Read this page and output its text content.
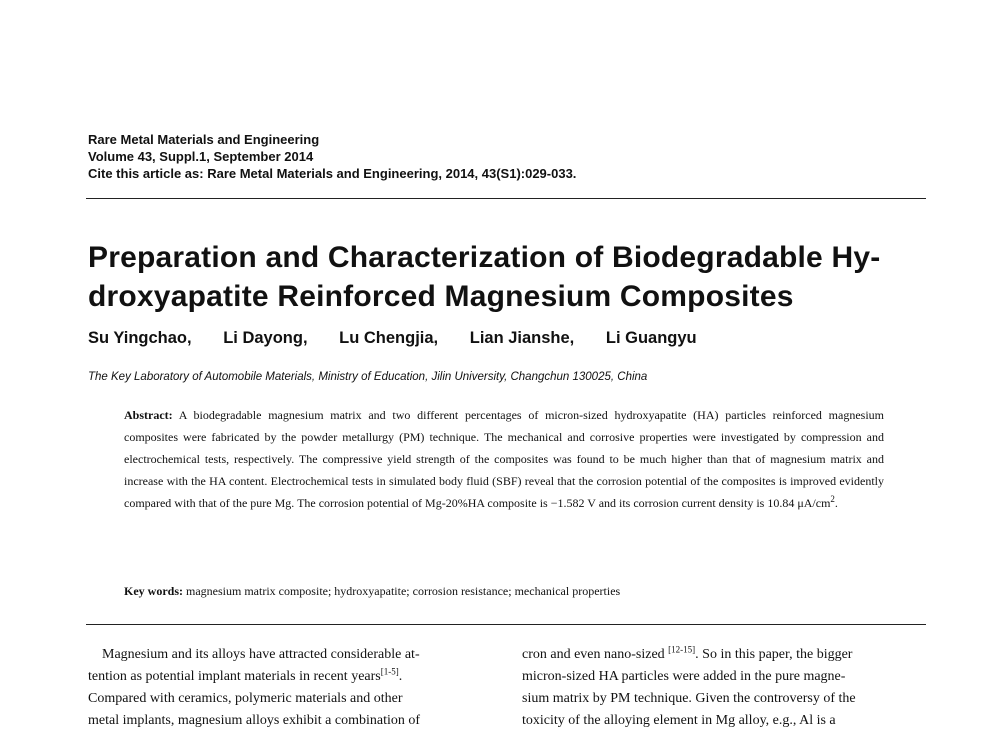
Rare Metal Materials and Engineering
Volume 43, Suppl.1, September 2014
Cite this article as: Rare Metal Materials and Engineering, 2014, 43(S1):029-033.
Preparation and Characterization of Biodegradable Hy-
droxyapatite Reinforced Magnesium Composites
Su Yingchao, Li Dayong, Lu Chengjia, Lian Jianshe, Li Guangyu
The Key Laboratory of Automobile Materials, Ministry of Education, Jilin University, Changchun 130025, China
Abstract: A biodegradable magnesium matrix and two different percentages of micron-sized hydroxyapatite (HA) particles reinforced magnesium composites were fabricated by the powder metallurgy (PM) technique. The mechanical and corrosive properties were investigated by compression and electrochemical tests, respectively. The compressive yield strength of the composites was found to be much higher than that of magnesium matrix and increase with the HA content. Electrochemical tests in simulated body fluid (SBF) reveal that the corrosion potential of the composites is improved evidently compared with that of the pure Mg. The corrosion potential of Mg-20%HA composite is −1.582 V and its corrosion current density is 10.84 $\mu A/cm^2$.
Key words: magnesium matrix composite; hydroxyapatite; corrosion resistance; mechanical properties
Magnesium and its alloys have attracted considerable at-
tention as potential implant materials in recent years[1-5].
Compared with ceramics, polymeric materials and other
metal implants, magnesium alloys exhibit a combination of
cron and even nano-sized [12-15]. So in this paper, the bigger
micron-sized HA particles were added in the pure magne-
sium matrix by PM technique. Given the controversy of the
toxicity of the alloying element in Mg alloy, e.g., Al is a
